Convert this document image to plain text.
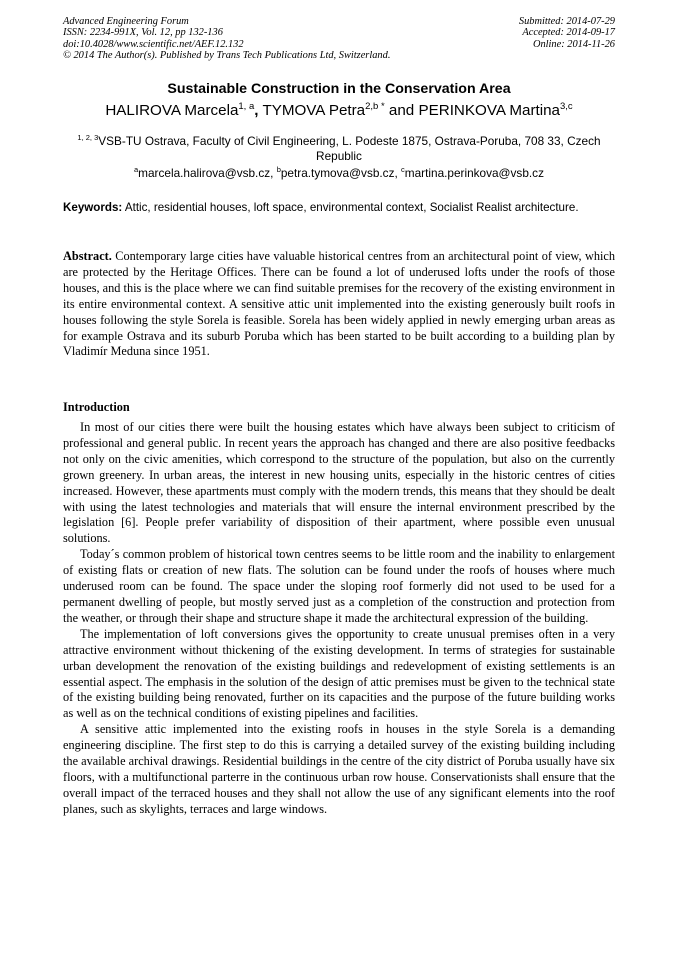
Advanced Engineering Forum
ISSN: 2234-991X, Vol. 12, pp 132-136
doi:10.4028/www.scientific.net/AEF.12.132
© 2014 The Author(s). Published by Trans Tech Publications Ltd, Switzerland.
Submitted: 2014-07-29
Accepted: 2014-09-17
Online: 2014-11-26
Sustainable Construction in the Conservation Area
HALIROVA Marcela$^{1, a}$, TYMOVA Petra$^{2,b *}$ and PERINKOVA Martina$^{3,c}$
$^{1, 2, 3}$VSB-TU Ostrava, Faculty of Civil Engineering, L. Podeste 1875, Ostrava-Poruba, 708 33, Czech Republic
$^a$marcela.halirova@vsb.cz, $^b$petra.tymova@vsb.cz, $^c$martina.perinkova@vsb.cz
Keywords: Attic, residential houses, loft space, environmental context, Socialist Realist architecture.
Abstract. Contemporary large cities have valuable historical centres from an architectural point of view, which are protected by the Heritage Offices. There can be found a lot of underused lofts under the roofs of those houses, and this is the place where we can find suitable premises for the recovery of the existing environment in its entire environmental context. A sensitive attic unit implemented into the existing generously built roofs in houses following the style Sorela is feasible. Sorela has been widely applied in newly emerging urban areas as for example Ostrava and its suburb Poruba which has been started to be built according to a building plan by Vladimír Meduna since 1951.
Introduction

In most of our cities there were built the housing estates which have always been subject to criticism of professional and general public. In recent years the approach has changed and there are also positive feedbacks not only on the civic amenities, which correspond to the structure of the population, but also on the currently grown greenery. In urban areas, the interest in new housing units, especially in the historic centres of cities increased. However, these apartments must comply with the modern trends, this means that they should be dealt with using the latest technologies and materials that will ensure the internal environment prescribed by the legislation [6]. People prefer variability of disposition of their apartment, where possible even unusual solutions.

Today´s common problem of historical town centres seems to be little room and the inability to enlargement of existing flats or creation of new flats. The solution can be found under the roofs of houses where much underused room can be found. The space under the sloping roof formerly did not used to be used for a permanent dwelling of people, but mostly served just as a completion of the construction and protection from the weather, or through their shape and structure shape it made the architectural expression of the building.

The implementation of loft conversions gives the opportunity to create unusual premises often in a very attractive environment without thickening of the existing development. In terms of strategies for sustainable urban development the renovation of the existing buildings and redevelopment of existing settlements is an essential aspect. The emphasis in the solution of the design of attic premises must be given to the technical state of the existing building being renovated, further on its capacities and the purpose of the future building works as well as on the technical conditions of existing pipelines and facilities.

A sensitive attic implemented into the existing roofs in houses in the style Sorela is a demanding engineering discipline. The first step to do this is carrying a detailed survey of the existing building including the available archival drawings. Residential buildings in the centre of the city district of Poruba usually have six floors, with a multifunctional parterre in the continuous urban row house. Conservationists shall ensure that the overall impact of the terraced houses and they shall not allow the use of any significant elements into the roof planes, such as skylights, terraces and large windows.
